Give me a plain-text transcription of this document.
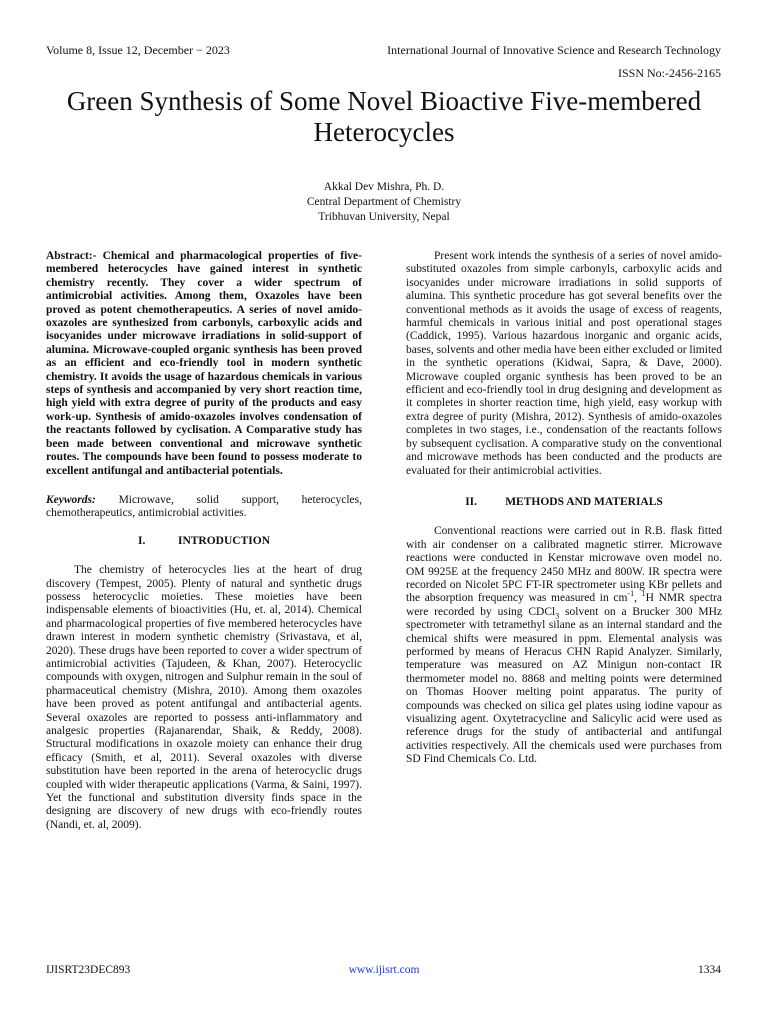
Volume 8, Issue 12, December − 2023	International Journal of Innovative Science and Research Technology
ISSN No:-2456-2165
Green Synthesis of Some Novel Bioactive Five-membered Heterocycles
Akkal Dev Mishra, Ph. D.
Central Department of Chemistry
Tribhuvan University, Nepal

Abstract:- Chemical and pharmacological properties of five- membered heterocycles have gained interest in synthetic chemistry recently. They cover a wider spectrum of antimicrobial activities. Among them, Oxazoles have been proved as potent chemotherapeutics. A series of novel amido-oxazoles are synthesized from carbonyls, carboxylic acids and isocyanides under microwave irradiations in solid-support of alumina. Microwave-coupled organic synthesis has been proved as an efficient and eco-friendly tool in modern synthetic chemistry. It avoids the usage of hazardous chemicals in various steps of synthesis and accompanied by very short reaction time, high yield with extra degree of purity of the products and easy work-up. Synthesis of amido-oxazoles involves condensation of the reactants followed by cyclisation. A Comparative study has been made between conventional and microwave synthetic routes. The compounds have been found to possess moderate to excellent antifungal and antibacterial potentials.

Keywords: Microwave, solid support, heterocycles, chemotherapeutics, antimicrobial activities.

I.	INTRODUCTION

The chemistry of heterocycles lies at the heart of drug discovery (Tempest, 2005). Plenty of natural and synthetic drugs possess heterocyclic moieties. These moieties have been indispensable elements of bioactivities (Hu, et. al, 2014). Chemical and pharmacological properties of five membered heterocycles have drawn interest in modern synthetic chemistry (Srivastava, et al, 2020). These drugs have been reported to cover a wider spectrum of antimicrobial activities (Tajudeen, & Khan, 2007). Heterocyclic compounds with oxygen, nitrogen and Sulphur remain in the soul of pharmaceutical chemistry (Mishra, 2010). Among them oxazoles have been proved as potent antifungal and antibacterial agents. Several oxazoles are reported to possess anti-inflammatory and analgesic properties (Rajanarendar, Shaik, & Reddy, 2008). Structural modifications in oxazole moiety can enhance their drug efficacy (Smith, et al, 2011). Several oxazoles with diverse substitution have been reported in the arena of heterocyclic drugs coupled with wider therapeutic applications (Varma, & Saini, 1997). Yet the functional and substitution diversity finds space in the designing are discovery of new drugs with eco-friendly routes (Nandi, et. al, 2009).

Present work intends the synthesis of a series of novel amido-substituted oxazoles from simple carbonyls, carboxylic acids and isocyanides under microware irradiations in solid supports of alumina. This synthetic procedure has got several benefits over the conventional methods as it avoids the usage of excess of reagents, harmful chemicals in various initial and post operational stages (Caddick, 1995). Various hazardous inorganic and organic acids, bases, solvents and other media have been either excluded or limited in the synthetic operations (Kidwai, Sapra, & Dave, 2000). Microwave coupled organic synthesis has been proved to be an efficient and eco-friendly tool in drug designing and development as it completes in shorter reaction time, high yield, easy workup with extra degree of purity (Mishra, 2012). Synthesis of amido-oxazoles completes in two stages, i.e., condensation of the reactants follows by subsequent cyclisation. A comparative study on the conventional and microwave methods has been conducted and the products are evaluated for their antimicrobial activities.

II. METHODS AND MATERIALS

Conventional reactions were carried out in R.B. flask fitted with air condenser on a calibrated magnetic stirrer. Microwave reactions were conducted in Kenstar microwave oven model no. OM 9925E at the frequency 2450 MHz and 800W. IR spectra were recorded on Nicolet 5PC FT-IR spectrometer using KBr pellets and the absorption frequency was measured in $cm^{-1}$, $^1$H NMR spectra were recorded by using CDCl$_3$ solvent on a Brucker 300 MHz spectrometer with tetramethyl silane as an internal standard and the chemical shifts were measured in ppm. Elemental analysis was performed by means of Heracus CHN Rapid Analyzer. Similarly, temperature was measured on AZ Minigun non-contact IR thermometer model no. 8868 and melting points were determined on Thomas Hoover melting point apparatus. The purity of compounds was checked on silica gel plates using iodine vapour as visualizing agent. Oxytetracycline and Salicylic acid were used as reference drugs for the study of antibacterial and antifungal activities respectively. All the chemicals used were purchases from SD Find Chemicals Co. Ltd.

IJISRT23DEC893	www.ijisrt.com	1334
